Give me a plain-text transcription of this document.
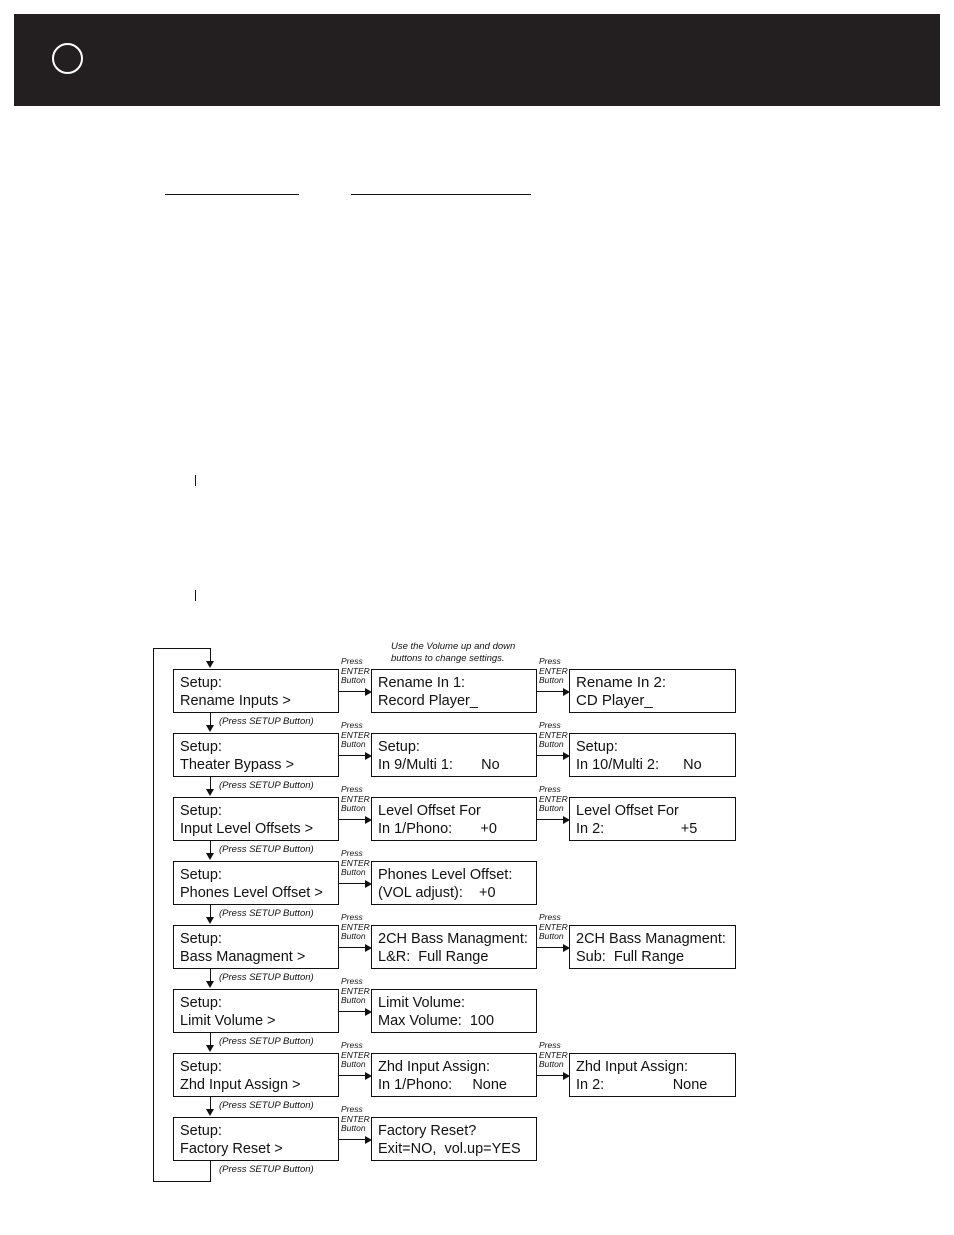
Use the Volume up and down
buttons to change settings.
Setup:
Rename Inputs >
Rename In 1:
Record Player_
Press
ENTER
Button	Rename In 2:
CD Player_
Press
ENTER
Button
(Press SETUP Button)
Setup:
Theater Bypass >
Setup:
In 9/Multi 1:       No
Press
ENTER
Button	Setup:
In 10/Multi 2:      No
Press
ENTER
Button
(Press SETUP Button)
Setup:
Input Level Offsets >
Level Offset For
In 1/Phono:       +0
Press
ENTER
Button	Level Offset For
In 2:                   +5
Press
ENTER
Button
(Press SETUP Button)
Setup:
Phones Level Offset >
Phones Level Offset:
(VOL adjust):    +0
Press
ENTER
Button
(Press SETUP Button)
Setup:
Bass Managment >
2CH Bass Managment:
L&R:  Full Range
Press
ENTER
Button	2CH Bass Managment:
Sub:  Full Range
Press
ENTER
Button
(Press SETUP Button)
Setup:
Limit Volume >
Limit Volume:
Max Volume:  100
Press
ENTER
Button
(Press SETUP Button)
Setup:
Zhd Input Assign >
Zhd Input Assign:
In 1/Phono:     None
Press
ENTER
Button	Zhd Input Assign:
In 2:                 None
Press
ENTER
Button
(Press SETUP Button)
Setup:
Factory Reset >
Factory Reset?
Exit=NO,  vol.up=YES
Press
ENTER
Button
(Press SETUP Button)
